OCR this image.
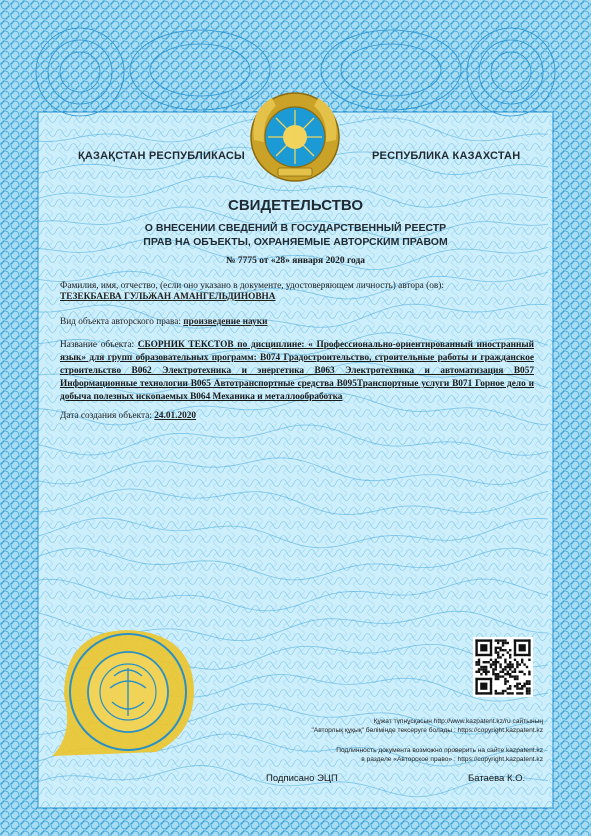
ҚАЗАҚСТАН РЕСПУБЛИКАСЫ	РЕСПУБЛИКА КАЗАХСТАН
СВИДЕТЕЛЬСТВО
О ВНЕСЕНИИ СВЕДЕНИЙ В ГОСУДАРСТВЕННЫЙ РЕЕСТР
ПРАВ НА ОБЪЕКТЫ, ОХРАНЯЕМЫЕ АВТОРСКИМ ПРАВОМ
№ 7775 от «28» января 2020 года
Фамилия, имя, отчество, (если оно указано в документе, удостоверяющем личность) автора (ов):
ТЕЗЕКБАЕВА ГУЛЬЖАН АМАНГЕЛЬДИНОВНА
Вид объекта авторского права: произведение науки
Название объекта: СБОРНИК ТЕКСТОВ по дисциплине: « Профессионально-ориентированный иностранный язык» для групп образовательных программ: В074 Градостроительство, строительные работы и гражданское строительство В062 Электротехника и энергетика В063 Электротехника и автоматизация В057 Информационные технологии В065 Автотранспортные средства В095Транспортные услуги В071 Горное дело и добыча полезных ископаемых В064 Механика и металлообработка
Дата создания объекта: 24.01.2020
Құжат түпнұсқасын http://www.kazpatent.kz/ru сайтының
"Авторлық құқық" бөлімінде тексеруге болады : https://copyright.kazpatent.kz
Подлинность документа возможно проверить на сайте kazpatent.kz
в разделе «Авторское право» : https://copyright.kazpatent.kz
Подписано ЭЦП	Батаева К.О.
